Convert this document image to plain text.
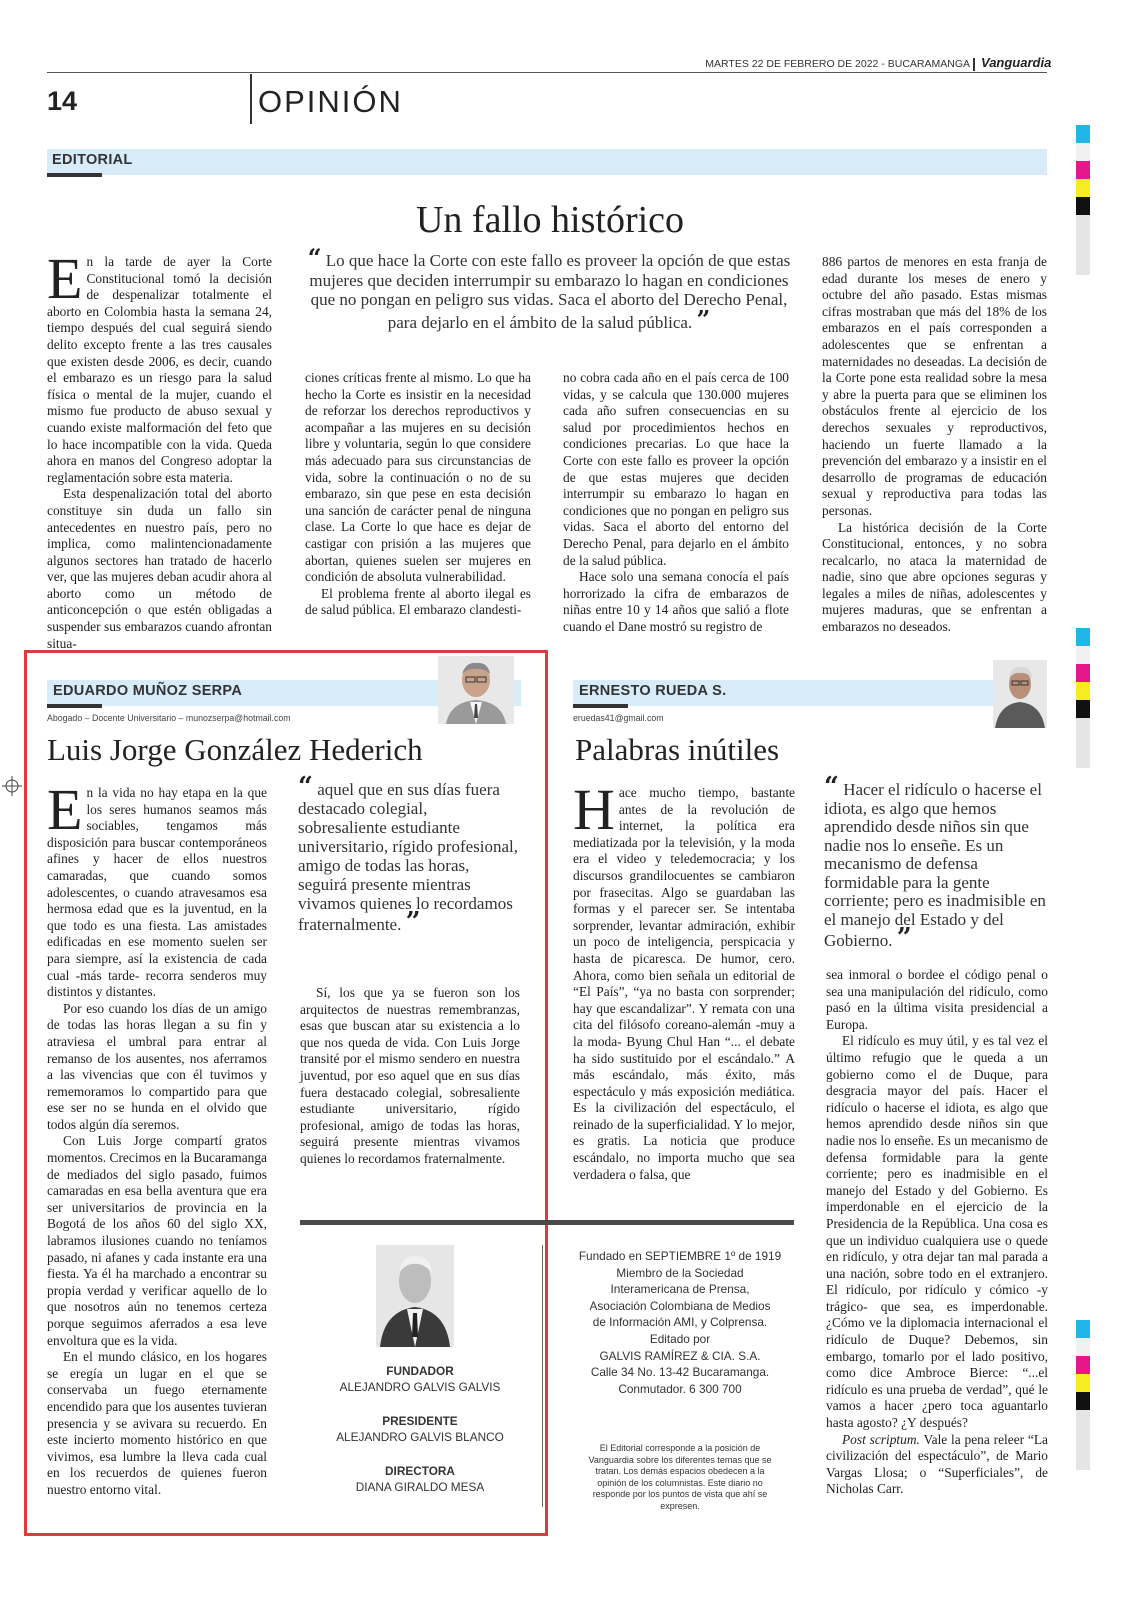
MARTES 22 DE FEBRERO DE 2022 - BUCARAMANGA Vanguardia
14	OPINIÓN
EDITORIAL
Un fallo histórico
“ Lo que hace la Corte con este fallo es proveer la opción de que estas mujeres que deciden interrumpir su embarazo lo hagan en condiciones que no pongan en peligro sus vidas. Saca el aborto del Derecho Penal, para dejarlo en el ámbito de la salud pública. ”

En la tarde de ayer la Corte Constitucional tomó la decisión de despenalizar totalmente el aborto en Colombia hasta la semana 24, tiempo después del cual seguirá siendo delito excepto frente a las tres causales que existen desde 2006, es decir, cuando el embarazo es un riesgo para la salud física o mental de la mujer, cuando el mismo fue producto de abuso sexual y cuando existe malformación del feto que lo hace incompatible con la vida. Queda ahora en manos del Congreso adoptar la reglamentación sobre esta materia.

Esta despenalización total del aborto constituye sin duda un fallo sin antecedentes en nuestro país, pero no implica, como malintencionadamente algunos sectores han tratado de hacerlo ver, que las mujeres deban acudir ahora al aborto como un método de anticoncepción o que estén obligadas a suspender sus embarazos cuando afrontan situa-

ciones críticas frente al mismo. Lo que ha hecho la Corte es insistir en la necesidad de reforzar los derechos reproductivos y acompañar a las mujeres en su decisión libre y voluntaria, según lo que considere más adecuado para sus circunstancias de vida, sobre la continuación o no de su embarazo, sin que pese en esta decisión una sanción de carácter penal de ninguna clase. La Corte lo que hace es dejar de castigar con prisión a las mujeres que abortan, quienes suelen ser mujeres en condición de absoluta vulnerabilidad.

El problema frente al aborto ilegal es de salud pública. El embarazo clandesti-

no cobra cada año en el país cerca de 100 vidas, y se calcula que 130.000 mujeres cada año sufren consecuencias en su salud por procedimientos hechos en condiciones precarias. Lo que hace la Corte con este fallo es proveer la opción de que estas mujeres que deciden interrumpir su embarazo lo hagan en condiciones que no pongan en peligro sus vidas. Saca el aborto del entorno del Derecho Penal, para dejarlo en el ámbito de la salud pública.

Hace solo una semana conocía el país horrorizado la cifra de embarazos de niñas entre 10 y 14 años que salió a flote cuando el Dane mostró su registro de

886 partos de menores en esta franja de edad durante los meses de enero y octubre del año pasado. Estas mismas cifras mostraban que más del 18% de los embarazos en el país corresponden a adolescentes que se enfrentan a maternidades no deseadas. La decisión de la Corte pone esta realidad sobre la mesa y abre la puerta para que se eliminen los obstáculos frente al ejercicio de los derechos sexuales y reproductivos, haciendo un fuerte llamado a la prevención del embarazo y a insistir en el desarrollo de programas de educación sexual y reproductiva para todas las personas.

La histórica decisión de la Corte Constitucional, entonces, y no sobra recalcarlo, no ataca la maternidad de nadie, sino que abre opciones seguras y legales a miles de niñas, adolescentes y mujeres maduras, que se enfrentan a embarazos no deseados.

EDUARDO MUÑOZ SERPA
Abogado – Docente Universitario – munozserpa@hotmail.com
Luis Jorge González Hederich

En la vida no hay etapa en la que los seres humanos seamos más sociables, tengamos más disposición para buscar contemporáneos afines y hacer de ellos nuestros camaradas, que cuando somos adolescentes, o cuando atravesamos esa hermosa edad que es la juventud, en la que todo es una fiesta. Las amistades edificadas en ese momento suelen ser para siempre, así la existencia de cada cual -más tarde- recorra senderos muy distintos y distantes.

Por eso cuando los días de un amigo de todas las horas llegan a su fin y atraviesa el umbral para entrar al remanso de los ausentes, nos aferramos a las vivencias que con él tuvimos y rememoramos lo compartido para que ese ser no se hunda en el olvido que todos algún día seremos.

Con Luis Jorge compartí gratos momentos. Crecimos en la Bucaramanga de mediados del siglo pasado, fuimos camaradas en esa bella aventura que era ser universitarios de provincia en la Bogotá de los años 60 del siglo XX, labramos ilusiones cuando no teníamos pasado, ni afanes y cada instante era una fiesta. Ya él ha marchado a encontrar su propia verdad y verificar aquello de lo que nosotros aún no tenemos certeza porque seguimos aferrados a esa leve envoltura que es la vida.

En el mundo clásico, en los hogares se eregía un lugar en el que se conservaba un fuego eternamente encendido para que los ausentes tuvieran presencia y se avivara su recuerdo. En este incierto momento histórico en que vivimos, esa lumbre la lleva cada cual en los recuerdos de quienes fueron nuestro entorno vital.

“ aquel que en sus días fuera destacado colegial, sobresaliente estudiante universitario, rígido profesional, amigo de todas las horas, seguirá presente mientras vivamos quienes lo recordamos fraternalmente. ”

Sí, los que ya se fueron son los arquitectos de nuestras remembranzas, esas que buscan atar su existencia a lo que nos queda de vida. Con Luis Jorge transité por el mismo sendero en nuestra juventud, por eso aquel que en sus días fuera destacado colegial, sobresaliente estudiante universitario, rígido profesional, amigo de todas las horas, seguirá presente mientras vivamos quienes lo recordamos fraternalmente.

FUNDADOR
ALEJANDRO GALVIS GALVIS
PRESIDENTE
ALEJANDRO GALVIS BLANCO
DIRECTORA
DIANA GIRALDO MESA
Fundado en SEPTIEMBRE 1º de 1919
Miembro de la Sociedad
Interamericana de Prensa,
Asociación Colombiana de Medios
de Información AMI, y Colprensa.
Editado por
GALVIS RAMÍREZ & CIA. S.A.
Calle 34 No. 13-42 Bucaramanga.
Conmutador. 6 300 700
El Editorial corresponde a la posición de Vanguardia sobre los diferentes temas que se tratan. Los demás espacios obedecen a la opinión de los columnistas. Este diario no responde por los puntos de vista que ahí se expresen.
ERNESTO RUEDA S.
eruedas41@gmail.com
Palabras inútiles

Hace mucho tiempo, bastante antes de la revolución de internet, la política era mediatizada por la televisión, y la moda era el video y teledemocracia; y los discursos grandilocuentes se cambiaron por frasecitas. Algo se guardaban las formas y el parecer ser. Se intentaba sorprender, levantar admiración, exhibir un poco de inteligencia, perspicacia y hasta de picaresca. De humor, cero. Ahora, como bien señala un editorial de “El País”, “ya no basta con sorprender; hay que escandalizar”. Y remata con una cita del filósofo coreano-alemán -muy a la moda- Byung Chul Han “... el debate ha sido sustituido por el escándalo.” A más escándalo, más éxito, más espectáculo y más exposición mediática. Es la civilización del espectáculo, el reinado de la superficialidad. Y lo mejor, es gratis. La noticia que produce escándalo, no importa mucho que sea verdadera o falsa, que

“ Hacer el ridículo o hacerse el idiota, es algo que hemos aprendido desde niños sin que nadie nos lo enseñe. Es un mecanismo de defensa formidable para la gente corriente; pero es inadmisible en el manejo del Estado y del Gobierno. ”

sea inmoral o bordee el código penal o sea una manipulación del ridículo, como pasó en la última visita presidencial a Europa.

El ridículo es muy útil, y es tal vez el último refugio que le queda a un gobierno como el de Duque, para desgracia mayor del país. Hacer el ridículo o hacerse el idiota, es algo que hemos aprendido desde niños sin que nadie nos lo enseñe. Es un mecanismo de defensa formidable para la gente corriente; pero es inadmisible en el manejo del Estado y del Gobierno. Es imperdonable en el ejercicio de la Presidencia de la República. Una cosa es que un individuo cualquiera use o quede en ridículo, y otra dejar tan mal parada a una nación, sobre todo en el extranjero. El ridículo, por ridículo y cómico -y trágico- que sea, es imperdonable. ¿Cómo ve la diplomacia internacional el ridículo de Duque? Debemos, sin embargo, tomarlo por el lado positivo, como dice Ambroce Bierce: “...el ridículo es una prueba de verdad”, qué le vamos a hacer ¿pero toca aguantarlo hasta agosto? ¿Y después?

Post scriptum. Vale la pena releer “La civilización del espectáculo”, de Mario Vargas Llosa; o “Superficiales”, de Nicholas Carr.
